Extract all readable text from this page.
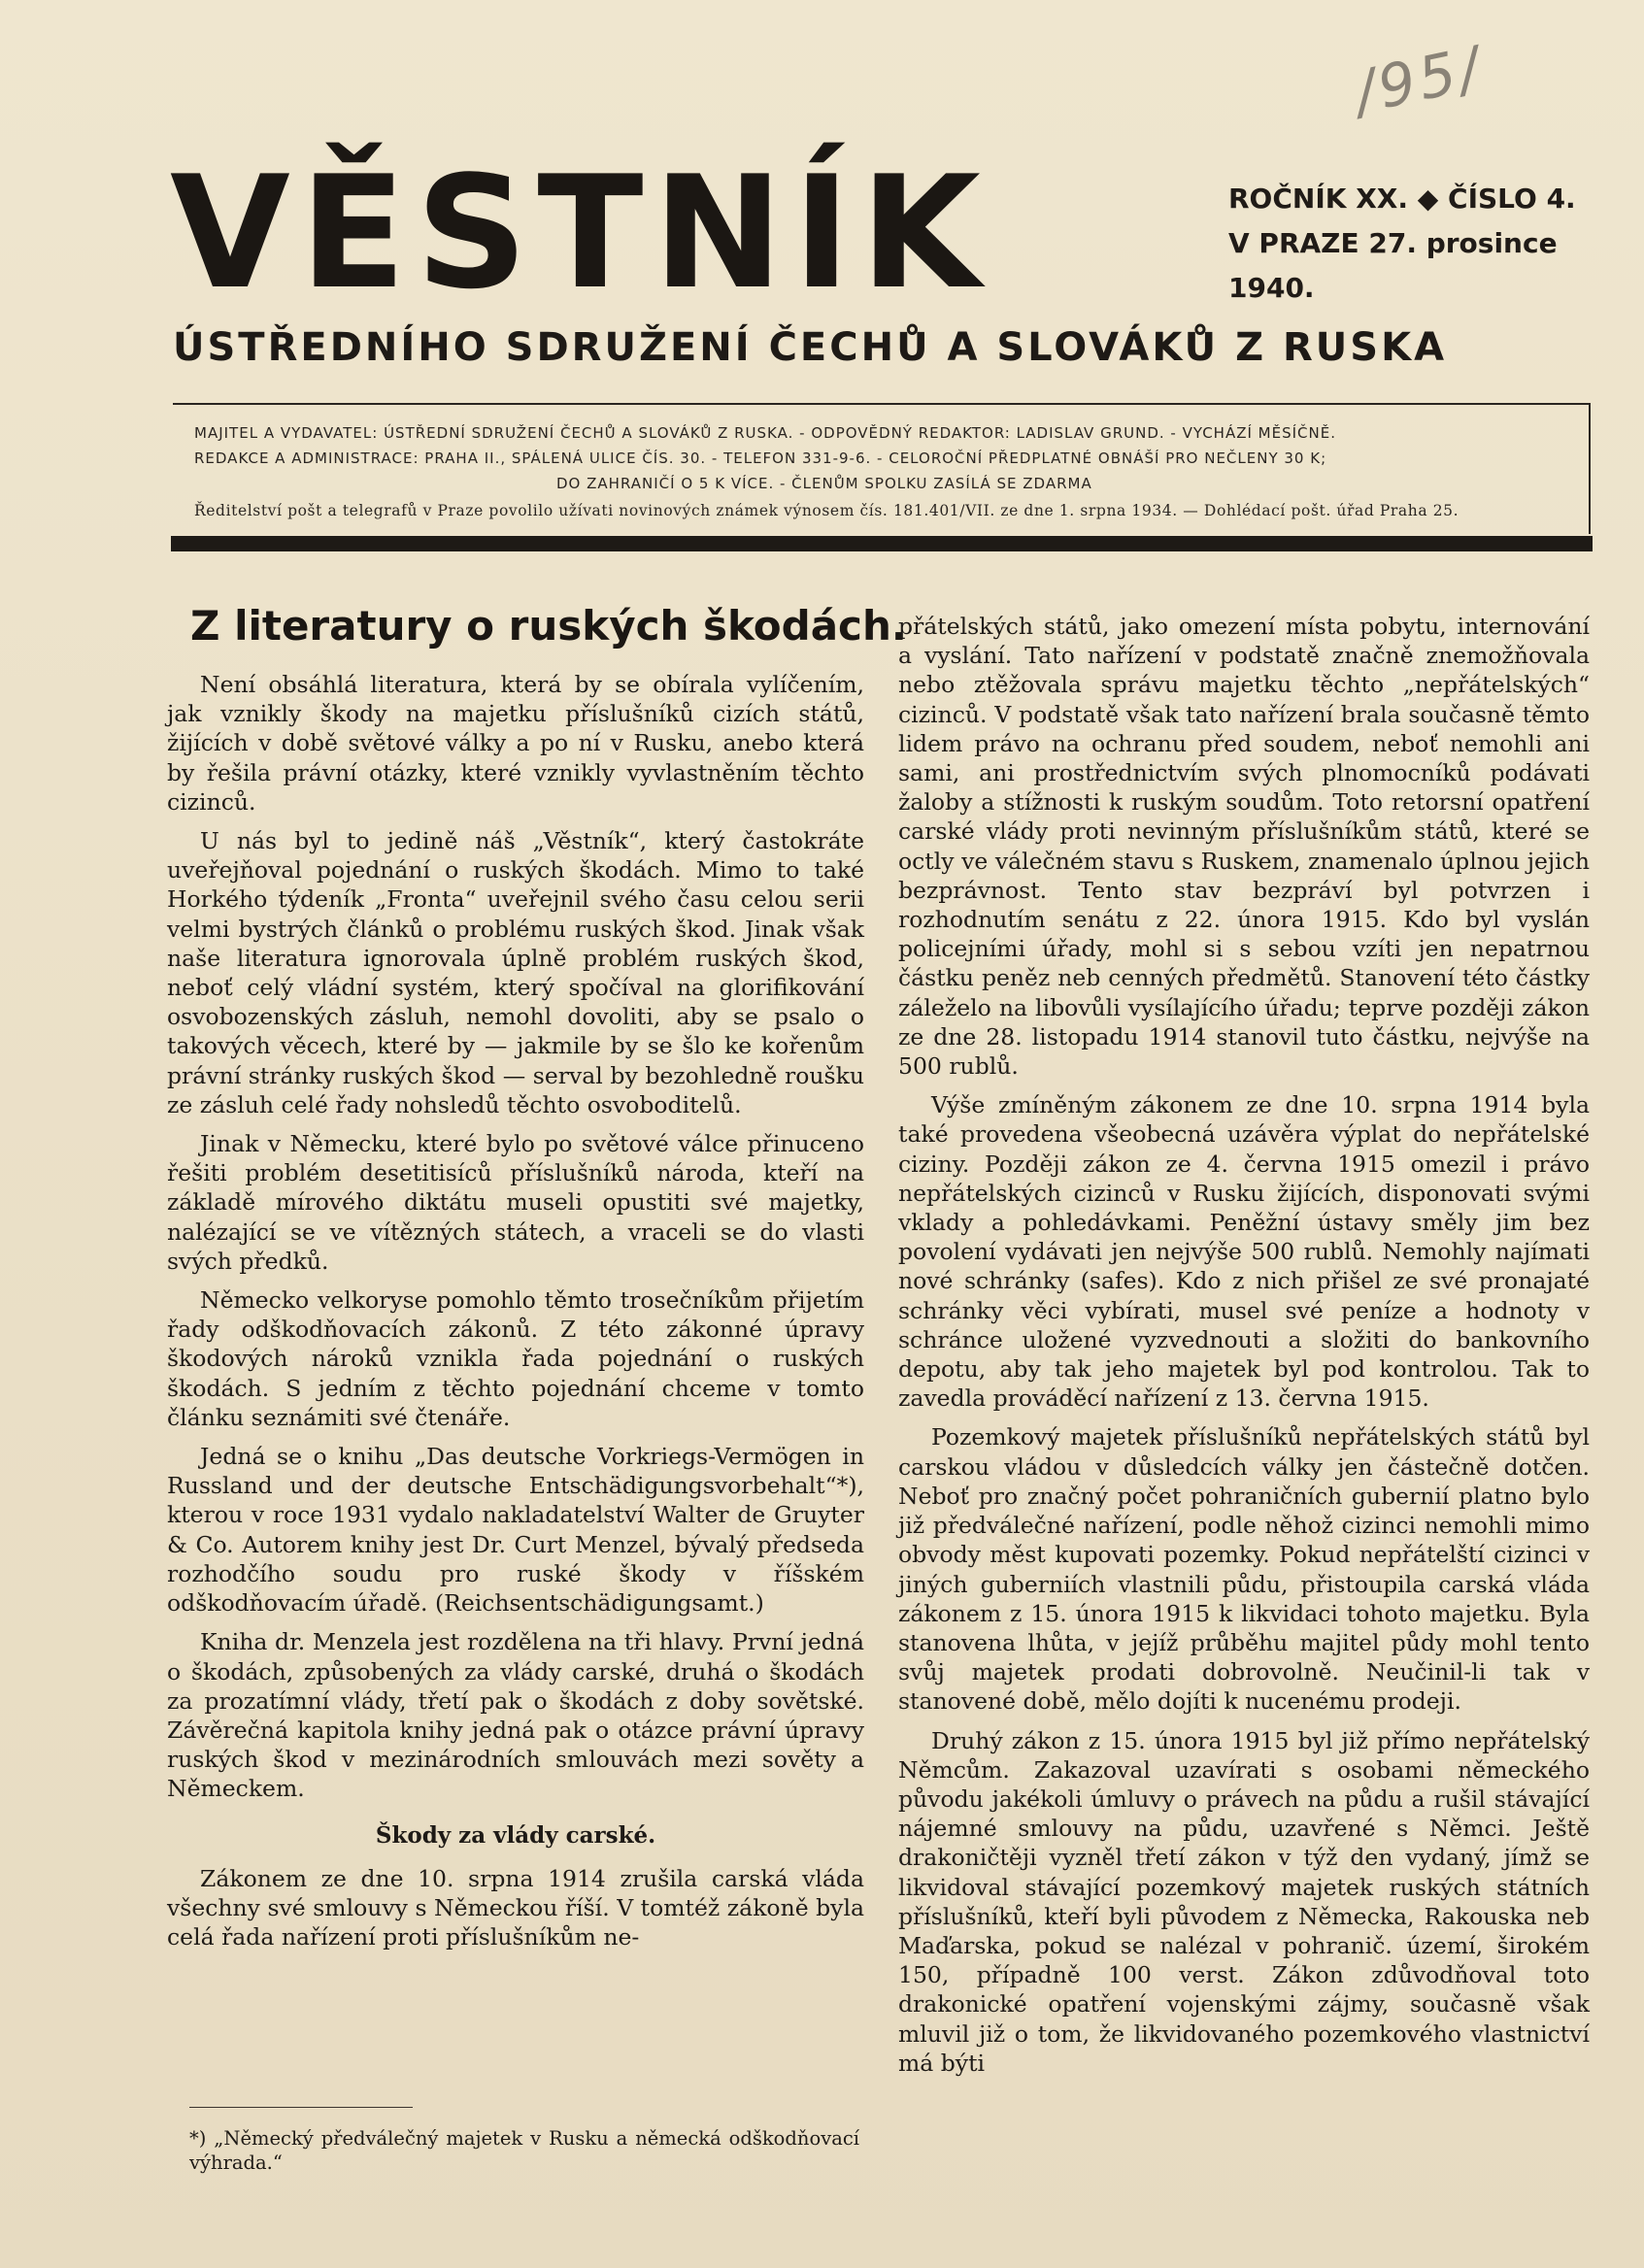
/95/
VĚSTNÍK	ROČNÍK XX. ◆ ČÍSLO 4.
V PRAZE 27. prosince 1940.
ÚSTŘEDNÍHO SDRUŽENÍ ČECHŮ A SLOVÁKŮ Z RUSKA
MAJITEL A VYDAVATEL: ÚSTŘEDNÍ SDRUŽENÍ ČECHŮ A SLOVÁKŮ Z RUSKA. - ODPOVĚDNÝ REDAKTOR: LADISLAV GRUND. - VYCHÁZÍ MĚSÍČNĚ.
REDAKCE A ADMINISTRACE: PRAHA II., SPÁLENÁ ULICE ČÍS. 30. - TELEFON 331-9-6. - CELOROČNÍ PŘEDPLATNÉ OBNÁŠÍ PRO NEČLENY 30 K;
DO ZAHRANIČÍ O 5 K VÍCE. - ČLENŮM SPOLKU ZASÍLÁ SE ZDARMA
Ředitelství pošt a telegrafů v Praze povolilo užívati novinových známek výnosem čís. 181.401/VII. ze dne 1. srpna 1934. — Dohlédací pošt. úřad Praha 25.
Z literatury o ruských škodách.

Není obsáhlá literatura, která by se obírala vylíčením, jak vznikly škody na majetku příslušníků cizích států, žijících v době světové války a po ní v Rusku, anebo která by řešila právní otázky, které vznikly vyvlastněním těchto cizinců.

U nás byl to jedině náš „Věstník“, který častokráte uveřejňoval pojednání o ruských škodách. Mimo to také Horkého týdeník „Fronta“ uveřejnil svého času celou serii velmi bystrých článků o problému ruských škod. Jinak však naše literatura ignorovala úplně problém ruských škod, neboť celý vládní systém, který spočíval na glorifikování osvobozenských zásluh, nemohl dovoliti, aby se psalo o takových věcech, které by — jakmile by se šlo ke kořenům právní stránky ruských škod — serval by bezohledně roušku ze zásluh celé řady nohsledů těchto osvoboditelů.

Jinak v Německu, které bylo po světové válce přinuceno řešiti problém desetitisíců příslušníků národa, kteří na základě mírového diktátu museli opustiti své majetky, nalézající se ve vítězných státech, a vraceli se do vlasti svých předků.

Německo velkoryse pomohlo těmto trosečníkům přijetím řady odškodňovacích zákonů. Z této zákonné úpravy škodových nároků vznikla řada pojednání o ruských škodách. S jedním z těchto pojednání chceme v tomto článku seznámiti své čtenáře.

Jedná se o knihu „Das deutsche Vorkriegs-Vermögen in Russland und der deutsche Entschädigungsvorbehalt“*), kterou v roce 1931 vydalo nakladatelství Walter de Gruyter & Co. Autorem knihy jest Dr. Curt Menzel, bývalý předseda rozhodčího soudu pro ruské škody v říšském odškodňovacím úřadě. (Reichsentschädigungsamt.)

Kniha dr. Menzela jest rozdělena na tři hlavy. První jedná o škodách, způsobených za vlády carské, druhá o škodách za prozatímní vlády, třetí pak o škodách z doby sovětské. Závěrečná kapitola knihy jedná pak o otázce právní úpravy ruských škod v mezinárodních smlouvách mezi sověty a Německem.

Škody za vlády carské.

Zákonem ze dne 10. srpna 1914 zrušila carská vláda všechny své smlouvy s Německou říší. V tomtéž zákoně byla celá řada nařízení proti příslušníkům ne-

*) „Německý předválečný majetek v Rusku a německá odškodňovací výhrada.“

přátelských států, jako omezení místa pobytu, internování a vyslání. Tato nařízení v podstatě značně znemožňovala nebo ztěžovala správu majetku těchto „nepřátelských“ cizinců. V podstatě však tato nařízení brala současně těmto lidem právo na ochranu před soudem, neboť nemohli ani sami, ani prostřednictvím svých plnomocníků podávati žaloby a stížnosti k ruským soudům. Toto retorsní opatření carské vlády proti nevinným příslušníkům států, které se octly ve válečném stavu s Ruskem, znamenalo úplnou jejich bezprávnost. Tento stav bezpráví byl potvrzen i rozhodnutím senátu z 22. února 1915. Kdo byl vyslán policejními úřady, mohl si s sebou vzíti jen nepatrnou částku peněz neb cenných předmětů. Stanovení této částky záleželo na libovůli vysílajícího úřadu; teprve později zákon ze dne 28. listopadu 1914 stanovil tuto částku, nejvýše na 500 rublů.

Výše zmíněným zákonem ze dne 10. srpna 1914 byla také provedena všeobecná uzávěra výplat do nepřátelské ciziny. Později zákon ze 4. června 1915 omezil i právo nepřátelských cizinců v Rusku žijících, disponovati svými vklady a pohledávkami. Peněžní ústavy směly jim bez povolení vydávati jen nejvýše 500 rublů. Nemohly najímati nové schránky (safes). Kdo z nich přišel ze své pronajaté schránky věci vybírati, musel své peníze a hodnoty v schránce uložené vyzvednouti a složiti do bankovního depotu, aby tak jeho majetek byl pod kontrolou. Tak to zavedla prováděcí nařízení z 13. června 1915.

Pozemkový majetek příslušníků nepřátelských států byl carskou vládou v důsledcích války jen částečně dotčen. Neboť pro značný počet pohraničních gubernií platno bylo již předválečné nařízení, podle něhož cizinci nemohli mimo obvody měst kupovati pozemky. Pokud nepřátelští cizinci v jiných guberniích vlastnili půdu, přistoupila carská vláda zákonem z 15. února 1915 k likvidaci tohoto majetku. Byla stanovena lhůta, v jejíž průběhu majitel půdy mohl tento svůj majetek prodati dobrovolně. Neučinil-li tak v stanovené době, mělo dojíti k nucenému prodeji.

Druhý zákon z 15. února 1915 byl již přímo nepřátelský Němcům. Zakazoval uzavírati s osobami německého původu jakékoli úmluvy o právech na půdu a rušil stávající nájemné smlouvy na půdu, uzavřené s Němci. Ještě drakoničtěji vyzněl třetí zákon v týž den vydaný, jímž se likvidoval stávající pozemkový majetek ruských státních příslušníků, kteří byli původem z Německa, Rakouska neb Maďarska, pokud se nalézal v pohranič. území, širokém 150, případně 100 verst. Zákon zdůvodňoval toto drakonické opatření vojenskými zájmy, současně však mluvil již o tom, že likvidovaného pozemkového vlastnictví má býti
